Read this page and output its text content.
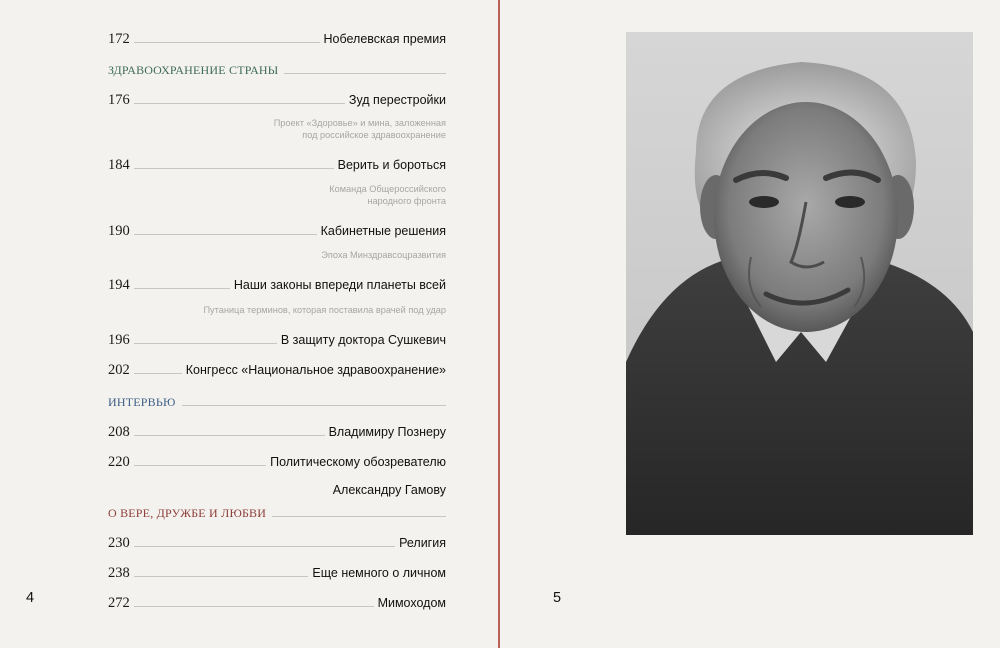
172	Нобелевская премия
ЗДРАВООХРАНЕНИЕ СТРАНЫ
176	Зуд перестройки
Проект «Здоровье» и мина, заложенная
под российское здравоохранение
184	Верить и бороться
Команда Общероссийского
народного фронта
190	Кабинетные решения
Эпоха Минздравсоцразвития
194	Наши законы впереди планеты всей
Путаница терминов, которая поставила врачей под удар
196	В защиту доктора Сушкевич
202	Конгресс «Национальное здравоохранение»
ИНТЕРВЬЮ
208	Владимиру Познеру
220	Политическому обозревателю
Александру Гамову
О ВЕРЕ, ДРУЖБЕ И ЛЮБВИ
230	Религия
238	Еще немного о личном
272	Мимоходом
4	5
